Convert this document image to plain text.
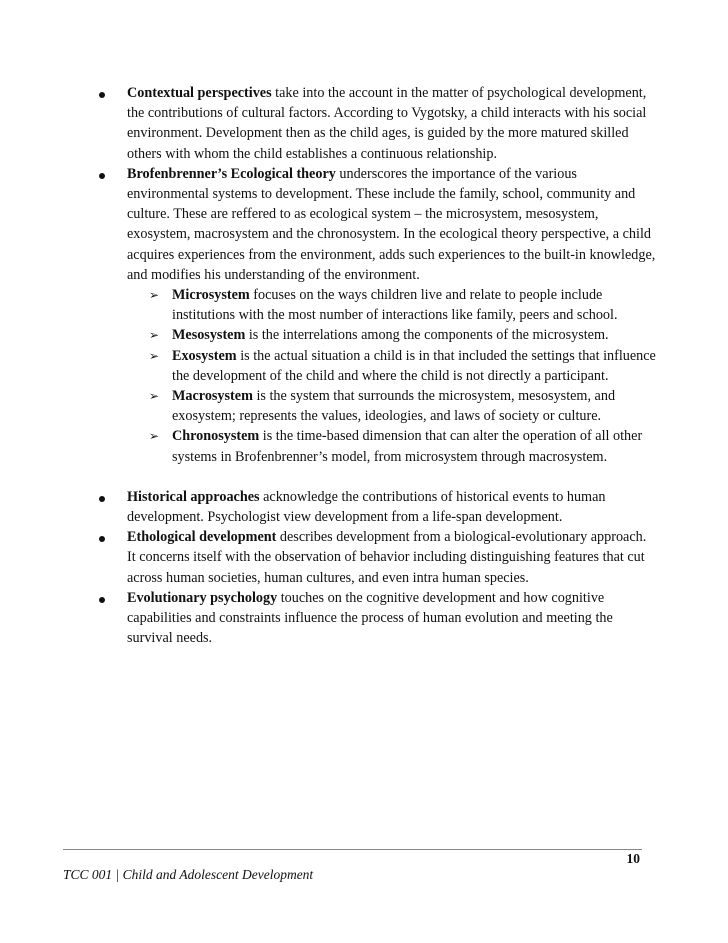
Contextual perspectives take into the account in the matter of psychological development, the contributions of cultural factors. According to Vygotsky, a child interacts with his social environment. Development then as the child ages, is guided by the more matured skilled others with whom the child establishes a continuous relationship.
Brofenbrenner’s Ecological theory underscores the importance of the various environmental systems to development. These include the family, school, community and culture. These are reffered to as ecological system – the microsystem, mesosystem, exosystem, macrosystem and the chronosystem. In the ecological theory perspective, a child acquires experiences from the environment, adds such experiences to the built-in knowledge, and modifies his understanding of the environment.
➢ Microsystem focuses on the ways children live and relate to people include institutions with the most number of interactions like family, peers and school.
➢ Mesosystem is the interrelations among the components of the microsystem.
➢ Exosystem is the actual situation a child is in that included the settings that influence the development of the child and where the child is not directly a participant.
➢ Macrosystem is the system that surrounds the microsystem, mesosystem, and exosystem; represents the values, ideologies, and laws of society or culture.
➢ Chronosystem is the time-based dimension that can alter the operation of all other systems in Brofenbrenner’s model, from microsystem through macrosystem.
Historical approaches acknowledge the contributions of historical events to human development. Psychologist view development from a life-span development.
Ethological development describes development from a biological-evolutionary approach. It concerns itself with the observation of behavior including distinguishing features that cut across human societies, human cultures, and even intra human species.
Evolutionary psychology touches on the cognitive development and how cognitive capabilities and constraints influence the process of human evolution and meeting the survival needs.
10
TCC 001 | Child and Adolescent Development
